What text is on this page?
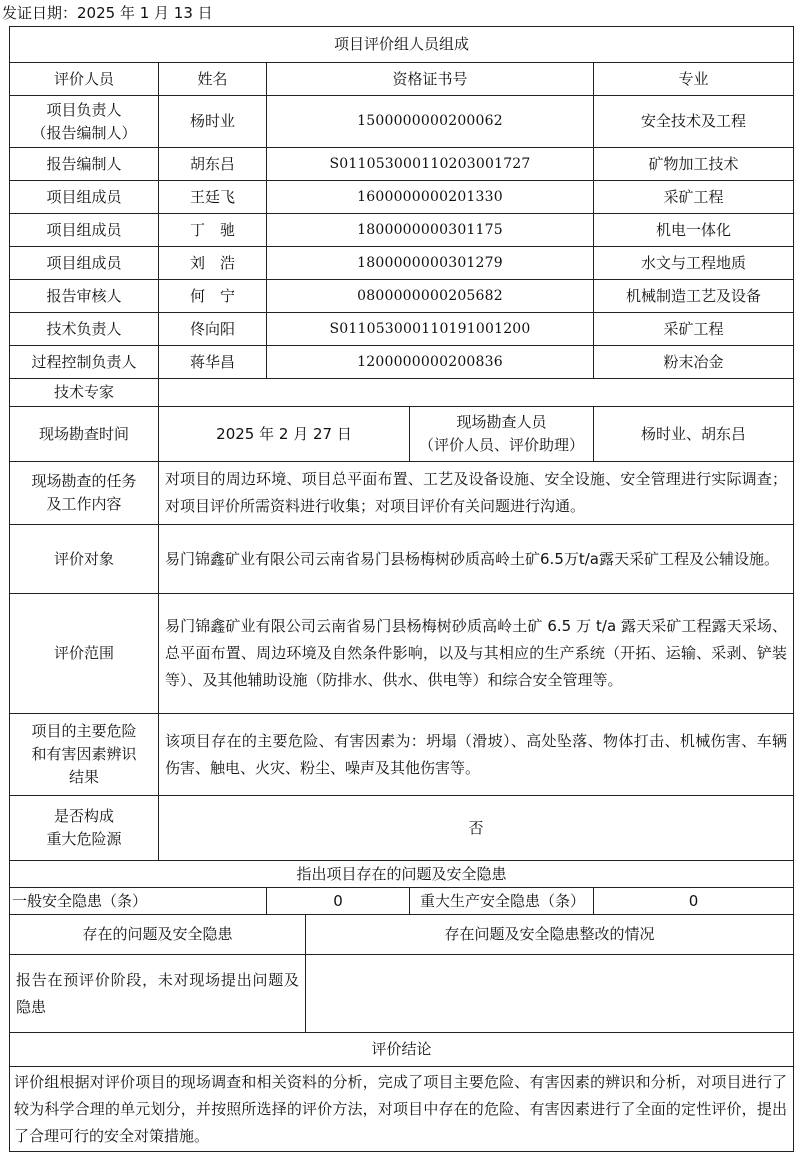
发证日期：2025 年 1 月 13 日
项目评价组人员组成					
评价人员	姓名	资格证书号			专业
项目负责人
（报告编制人）	杨时业	1500000000200062			安全技术及工程
报告编制人	胡东吕	S011053000110203001727			矿物加工技术
项目组成员	王廷飞	1600000000201330			采矿工程
项目组成员	丁　驰	1800000000301175			机电一体化
项目组成员	刘　浩	1800000000301279			水文与工程地质
报告审核人	何　宁	0800000000205682			机械制造工艺及设备
技术负责人	佟向阳	S011053000110191001200			采矿工程
过程控制负责人	蒋华昌	1200000000200836			粉末冶金
技术专家					
现场勘查时间	2025 年 2 月 27 日			现场勘查人员
（评价人员、评价助理）	杨时业、胡东吕
现场勘查的任务
及工作内容	对项目的周边环境、项目总平面布置、工艺及设备设施、安全设施、安全管理进行实际调查；对项目评价所需资料进行收集；对项目评价有关问题进行沟通。				
评价对象	易门锦鑫矿业有限公司云南省易门县杨梅树砂质高岭土矿6.5万t/a露天采矿工程及公辅设施。				
评价范围	易门锦鑫矿业有限公司云南省易门县杨梅树砂质高岭土矿 6.5 万 t/a 露天采矿工程露天采场、总平面布置、周边环境及自然条件影响，以及与其相应的生产系统（开拓、运输、采剥、铲装等）、及其他辅助设施（防排水、供水、供电等）和综合安全管理等。				
项目的主要危险
和有害因素辨识
结果	该项目存在的主要危险、有害因素为：坍塌（滑坡）、高处坠落、物体打击、机械伤害、车辆伤害、触电、火灾、粉尘、噪声及其他伤害等。				
是否构成
重大危险源	否				
指出项目存在的问题及安全隐患					
一般安全隐患（条）		0		重大生产安全隐患（条）	0
存在的问题及安全隐患			存在问题及安全隐患整改的情况		
报告在预评价阶段，未对现场提出问题及隐患					
评价结论					
评价组根据对评价项目的现场调查和相关资料的分析，完成了项目主要危险、有害因素的辨识和分析，对项目进行了较为科学合理的单元划分，并按照所选择的评价方法，对项目中存在的危险、有害因素进行了全面的定性评价，提出了合理可行的安全对策措施。					
